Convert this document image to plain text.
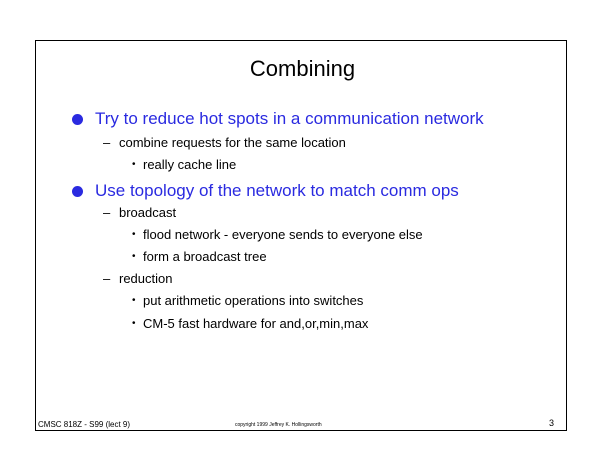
Combining
Try to reduce hot spots in a communication network
– combine requests for the same location
• really cache line
Use topology of the network to match comm ops
– broadcast
• flood network - everyone sends to everyone else
• form a broadcast tree
– reduction
• put arithmetic operations into switches
• CM-5 fast hardware for and,or,min,max
CMSC 818Z - S99 (lect 9)	copyright 1999 Jeffrey K. Hollingsworth	3
